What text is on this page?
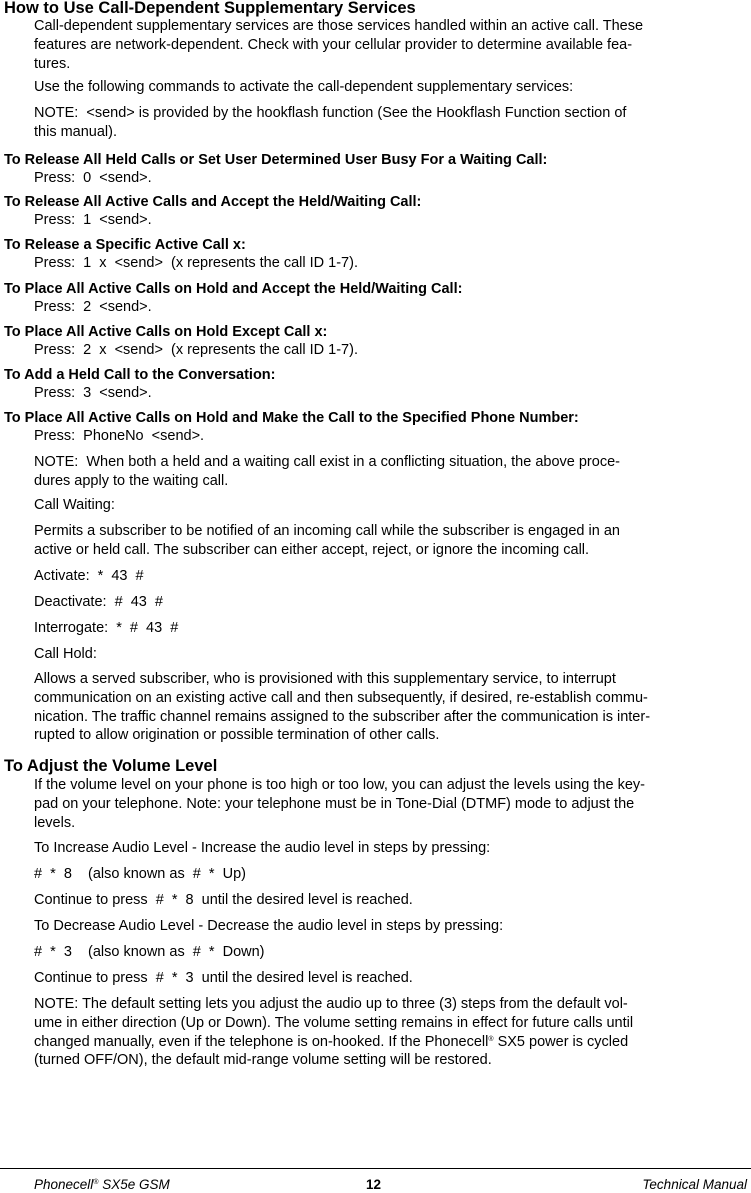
How to Use Call-Dependent Supplementary Services
Call-dependent supplementary services are those services handled within an active call. These
features are network-dependent. Check with your cellular provider to determine available fea-
tures.
Use the following commands to activate the call-dependent supplementary services:
NOTE:  <send> is provided by the hookflash function (See the Hookflash Function section of
this manual).
To Release All Held Calls or Set User Determined User Busy For a Waiting Call:
Press:  0  <send>.
To Release All Active Calls and Accept the Held/Waiting Call:
Press:  1  <send>.
To Release a Specific Active Call x:
Press:  1  x  <send>  (x represents the call ID 1-7).
To Place All Active Calls on Hold and Accept the Held/Waiting Call:
Press:  2  <send>.
To Place All Active Calls on Hold Except Call x:
Press:  2  x  <send>  (x represents the call ID 1-7).
To Add a Held Call to the Conversation:
Press:  3  <send>.
To Place All Active Calls on Hold and Make the Call to the Specified Phone Number:
Press:  PhoneNo  <send>.
NOTE:  When both a held and a waiting call exist in a conflicting situation, the above proce-
dures apply to the waiting call.
Call Waiting:
Permits a subscriber to be notified of an incoming call while the subscriber is engaged in an
active or held call. The subscriber can either accept, reject, or ignore the incoming call.
Activate:  *  43  #
Deactivate:  #  43  #
Interrogate:  *  #  43  #
Call Hold:
Allows a served subscriber, who is provisioned with this supplementary service, to interrupt
communication on an existing active call and then subsequently, if desired, re-establish commu-
nication. The traffic channel remains assigned to the subscriber after the communication is inter-
rupted to allow origination or possible termination of other calls.
To Adjust the Volume Level
If the volume level on your phone is too high or too low, you can adjust the levels using the key-
pad on your telephone. Note: your telephone must be in Tone-Dial (DTMF) mode to adjust the
levels.
To Increase Audio Level - Increase the audio level in steps by pressing:
#  *  8    (also known as  #  *  Up)
Continue to press  #  *  8  until the desired level is reached.
To Decrease Audio Level - Decrease the audio level in steps by pressing:
#  *  3    (also known as  #  *  Down)
Continue to press  #  *  3  until the desired level is reached.
NOTE: The default setting lets you adjust the audio up to three (3) steps from the default vol-
ume in either direction (Up or Down). The volume setting remains in effect for future calls until
changed manually, even if the telephone is on-hooked. If the Phonecell® SX5 power is cycled
(turned OFF/ON), the default mid-range volume setting will be restored.
Phonecell® SX5e GSM	12	Technical Manual
